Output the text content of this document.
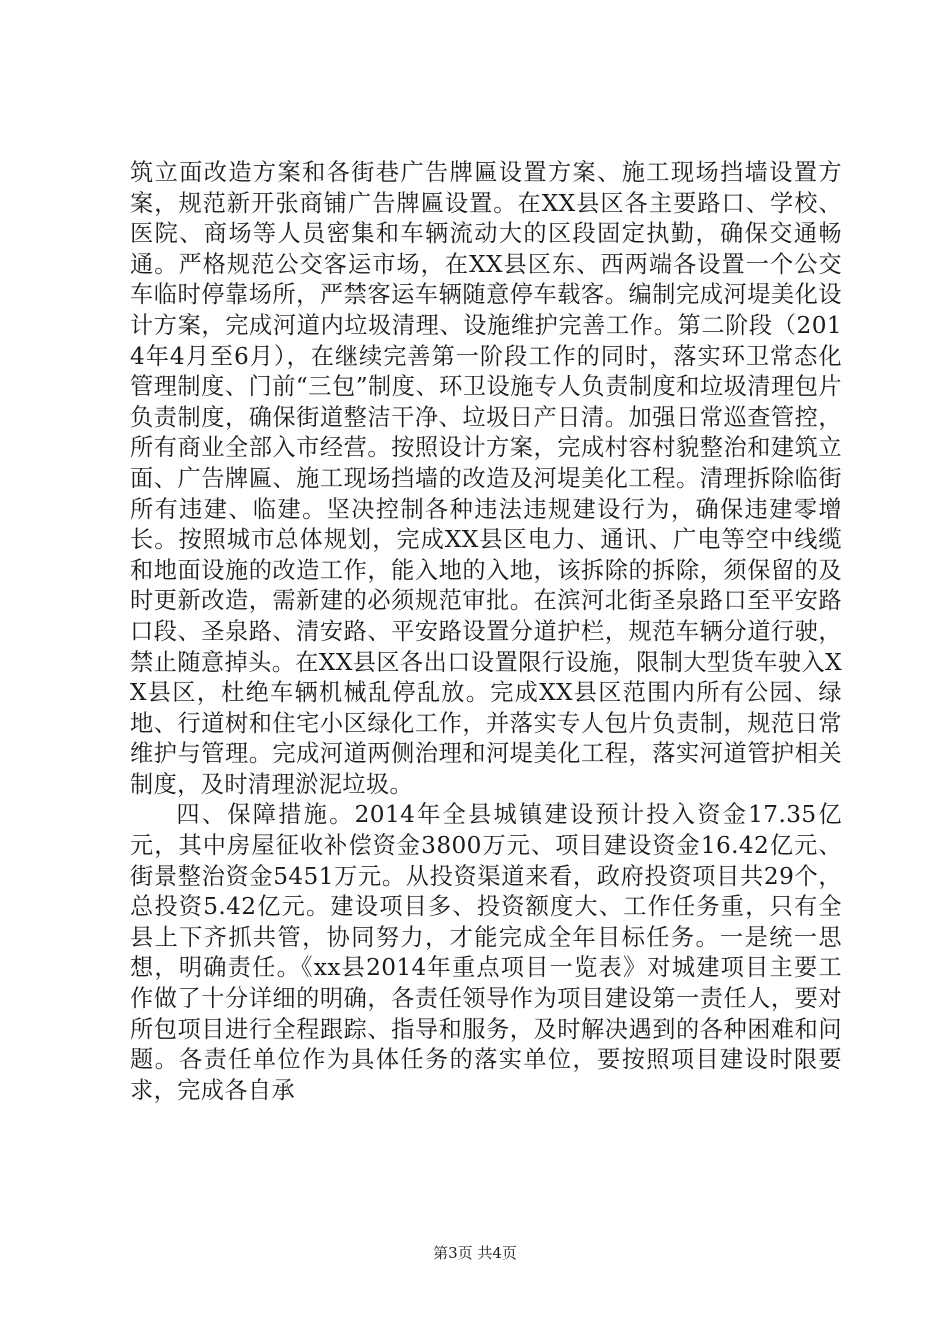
筑立面改造方案和各街巷广告牌匾设置方案、施工现场挡墙设置方案，规范新开张商铺广告牌匾设置。在XX县区各主要路口、学校、医院、商场等人员密集和车辆流动大的区段固定执勤，确保交通畅通。严格规范公交客运市场，在XX县区东、西两端各设置一个公交车临时停靠场所，严禁客运车辆随意停车载客。编制完成河堤美化设计方案，完成河道内垃圾清理、设施维护完善工作。第二阶段（2014年4月至6月），在继续完善第一阶段工作的同时，落实环卫常态化管理制度、门前“三包”制度、环卫设施专人负责制度和垃圾清理包片负责制度，确保街道整洁干净、垃圾日产日清。加强日常巡查管控，所有商业全部入市经营。按照设计方案，完成村容村貌整治和建筑立面、广告牌匾、施工现场挡墙的改造及河堤美化工程。清理拆除临街所有违建、临建。坚决控制各种违法违规建设行为，确保违建零增长。按照城市总体规划，完成XX县区电力、通讯、广电等空中线缆和地面设施的改造工作，能入地的入地，该拆除的拆除，须保留的及时更新改造，需新建的必须规范审批。在滨河北街圣泉路口至平安路口段、圣泉路、清安路、平安路设置分道护栏，规范车辆分道行驶，禁止随意掉头。在XX县区各出口设置限行设施，限制大型货车驶入XX县区，杜绝车辆机械乱停乱放。完成XX县区范围内所有公园、绿地、行道树和住宅小区绿化工作，并落实专人包片负责制，规范日常维护与管理。完成河道两侧治理和河堤美化工程，落实河道管护相关制度，及时清理淤泥垃圾。

四、保障措施。2014年全县城镇建设预计投入资金17.35亿元，其中房屋征收补偿资金3800万元、项目建设资金16.42亿元、街景整治资金5451万元。从投资渠道来看，政府投资项目共29个，总投资5.42亿元。建设项目多、投资额度大、工作任务重，只有全县上下齐抓共管，协同努力，才能完成全年目标任务。一是统一思想，明确责任。《xx县2014年重点项目一览表》对城建项目主要工作做了十分详细的明确，各责任领导作为项目建设第一责任人，要对所包项目进行全程跟踪、指导和服务，及时解决遇到的各种困难和问题。各责任单位作为具体任务的落实单位，要按照项目建设时限要求，完成各自承

第3页 共4页
